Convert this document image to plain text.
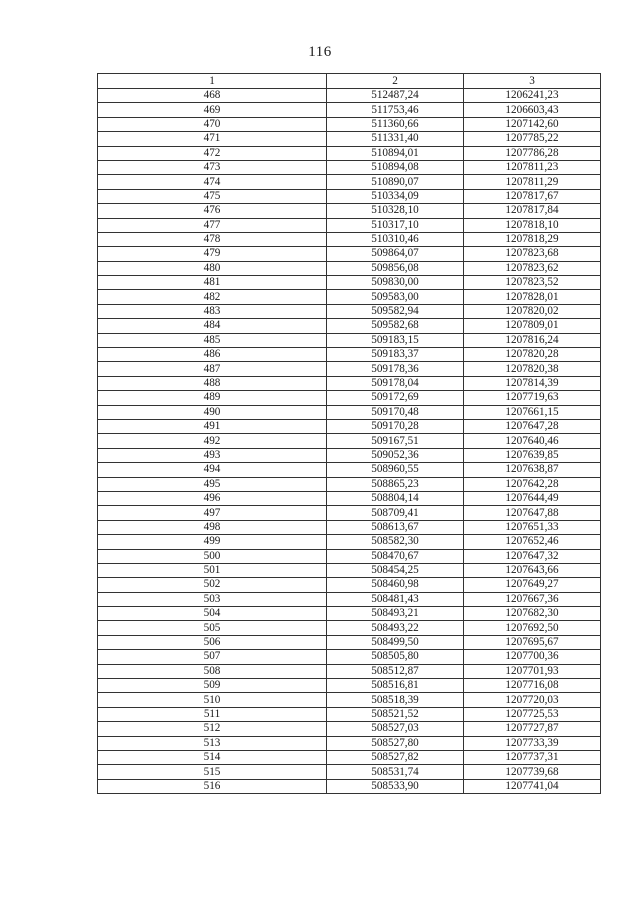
116
1	2	3
468	512487,24	1206241,23
469	511753,46	1206603,43
470	511360,66	1207142,60
471	511331,40	1207785,22
472	510894,01	1207786,28
473	510894,08	1207811,23
474	510890,07	1207811,29
475	510334,09	1207817,67
476	510328,10	1207817,84
477	510317,10	1207818,10
478	510310,46	1207818,29
479	509864,07	1207823,68
480	509856,08	1207823,62
481	509830,00	1207823,52
482	509583,00	1207828,01
483	509582,94	1207820,02
484	509582,68	1207809,01
485	509183,15	1207816,24
486	509183,37	1207820,28
487	509178,36	1207820,38
488	509178,04	1207814,39
489	509172,69	1207719,63
490	509170,48	1207661,15
491	509170,28	1207647,28
492	509167,51	1207640,46
493	509052,36	1207639,85
494	508960,55	1207638,87
495	508865,23	1207642,28
496	508804,14	1207644,49
497	508709,41	1207647,88
498	508613,67	1207651,33
499	508582,30	1207652,46
500	508470,67	1207647,32
501	508454,25	1207643,66
502	508460,98	1207649,27
503	508481,43	1207667,36
504	508493,21	1207682,30
505	508493,22	1207692,50
506	508499,50	1207695,67
507	508505,80	1207700,36
508	508512,87	1207701,93
509	508516,81	1207716,08
510	508518,39	1207720,03
511	508521,52	1207725,53
512	508527,03	1207727,87
513	508527,80	1207733,39
514	508527,82	1207737,31
515	508531,74	1207739,68
516	508533,90	1207741,04
